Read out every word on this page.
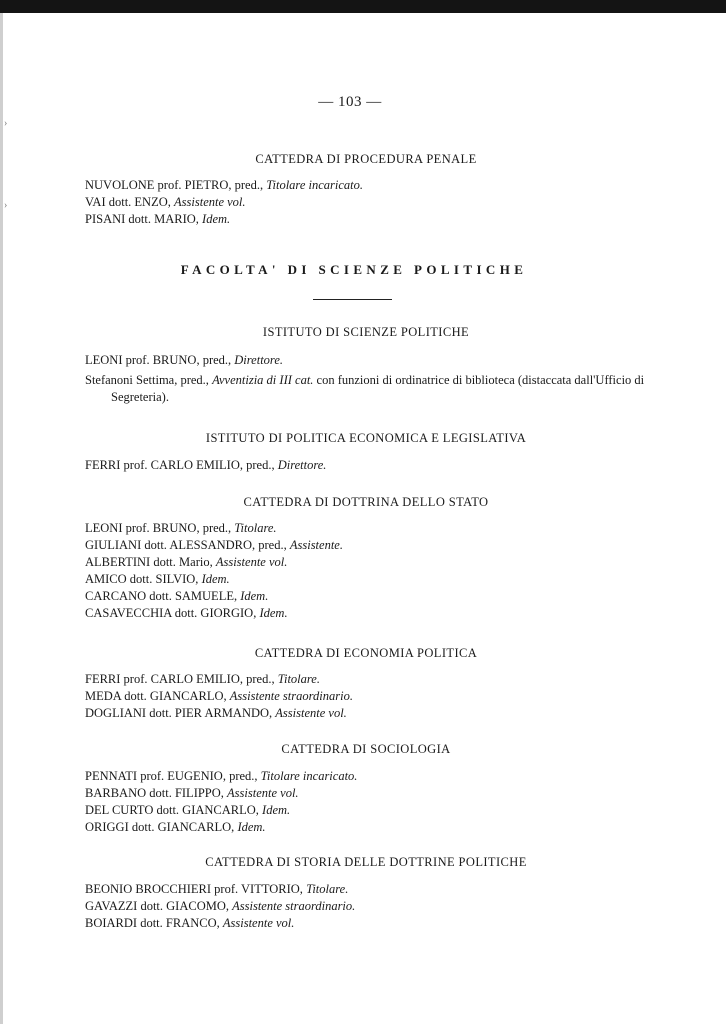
›
›
— 103 —
CATTEDRA DI PROCEDURA PENALE
NUVOLONE prof. PIETRO, pred., Titolare incaricato.
VAI dott. ENZO, Assistente vol.
PISANI dott. MARIO, Idem.
FACOLTA' DI SCIENZE POLITICHE
ISTITUTO DI SCIENZE POLITICHE
LEONI prof. BRUNO, pred., Direttore.
Stefanoni Settima, pred., Avventizia di III cat. con funzioni di ordinatrice di biblioteca (distaccata dall'Ufficio di Segreteria).
ISTITUTO DI POLITICA ECONOMICA E LEGISLATIVA
FERRI prof. CARLO EMILIO, pred., Direttore.
CATTEDRA DI DOTTRINA DELLO STATO
LEONI prof. BRUNO, pred., Titolare.
GIULIANI dott. ALESSANDRO, pred., Assistente.
ALBERTINI dott. Mario, Assistente vol.
AMICO dott. SILVIO, Idem.
CARCANO dott. SAMUELE, Idem.
CASAVECCHIA dott. GIORGIO, Idem.
CATTEDRA DI ECONOMIA POLITICA
FERRI prof. CARLO EMILIO, pred., Titolare.
MEDA dott. GIANCARLO, Assistente straordinario.
DOGLIANI dott. PIER ARMANDO, Assistente vol.
CATTEDRA DI SOCIOLOGIA
PENNATI prof. EUGENIO, pred., Titolare incaricato.
BARBANO dott. FILIPPO, Assistente vol.
DEL CURTO dott. GIANCARLO, Idem.
ORIGGI dott. GIANCARLO, Idem.
CATTEDRA DI STORIA DELLE DOTTRINE POLITICHE
BEONIO BROCCHIERI prof. VITTORIO, Titolare.
GAVAZZI dott. GIACOMO, Assistente straordinario.
BOIARDI dott. FRANCO, Assistente vol.
